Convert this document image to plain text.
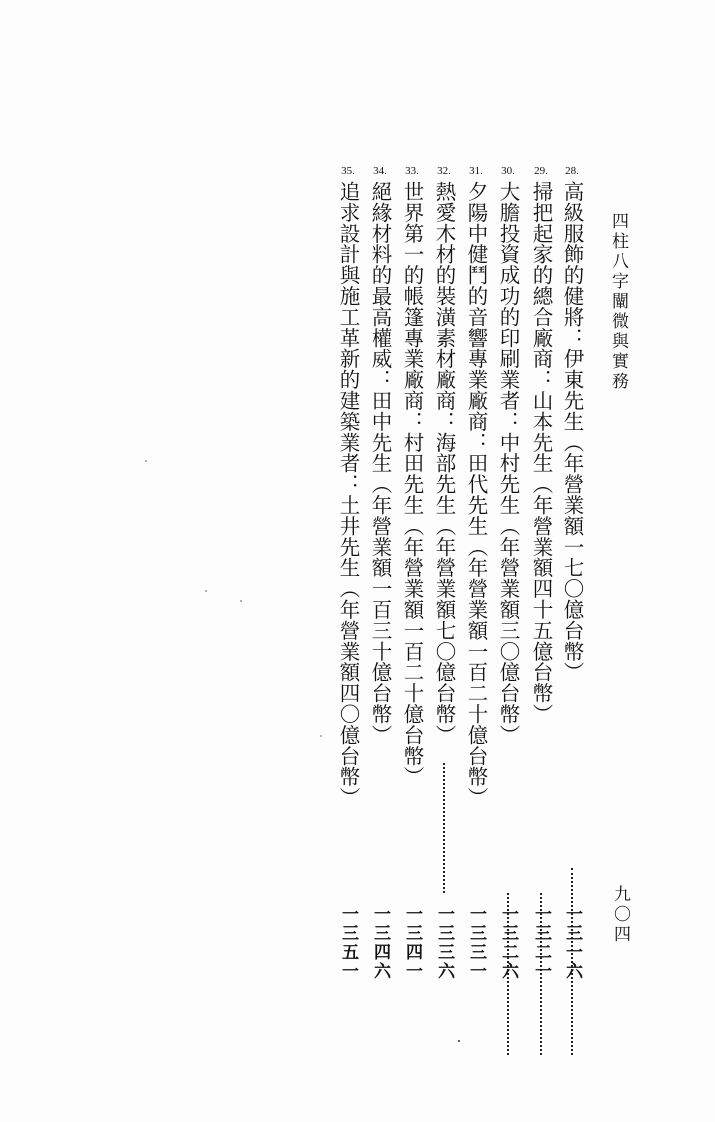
四柱八字闡微與實務
九〇四
28.
高級服飾的健將：伊東先生（年營業額一七〇億台幣）
一三一六
29.
掃把起家的總合廠商：山本先生（年營業額四十五億台幣）
一三二一
30.
大膽投資成功的印刷業者：中村先生（年營業額三〇億台幣）
一三二六
31.
夕陽中健鬥的音響專業廠商：田代先生（年營業額一百二十億台幣）
一三三一
32.
熱愛木材的裝潢素材廠商：海部先生（年營業額七〇億台幣）
一三三六
33.
世界第一的帳篷專業廠商：村田先生（年營業額一百二十億台幣）
一三四一
34.
絕緣材料的最高權威：田中先生（年營業額一百三十億台幣）
一三四六
35.
追求設計與施工革新的建築業者：土井先生（年營業額四〇億台幣）
一三五一
